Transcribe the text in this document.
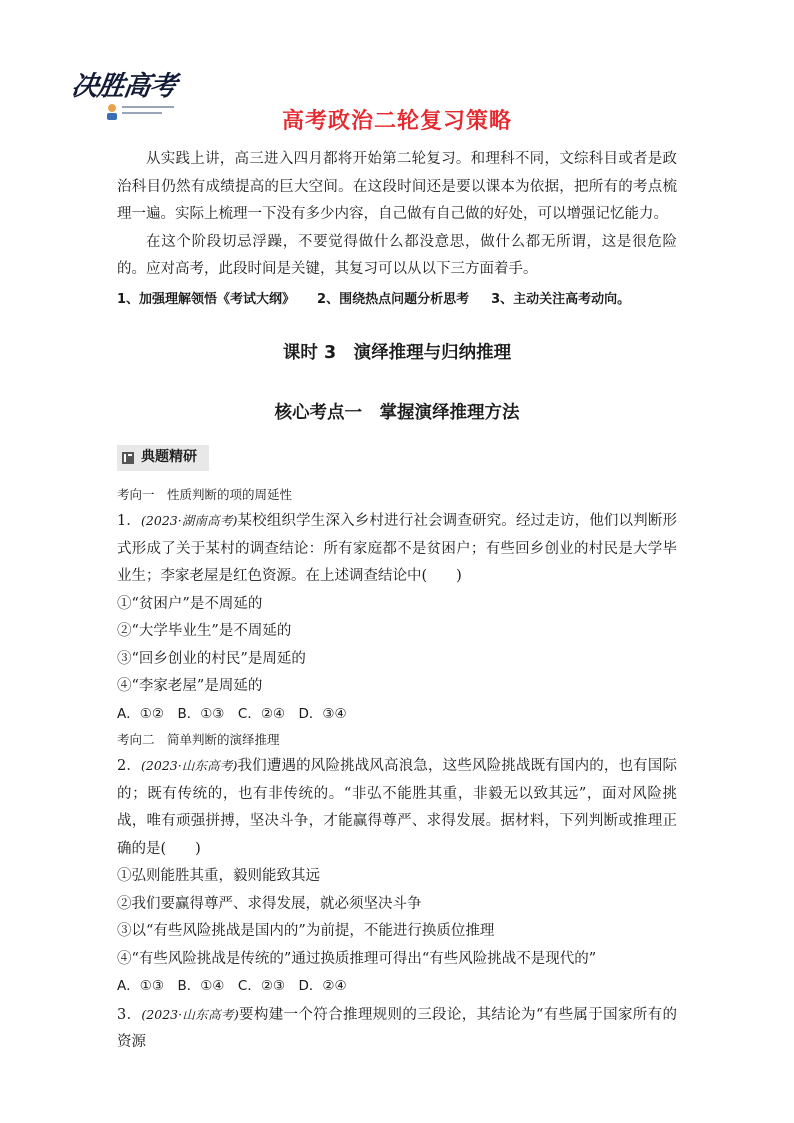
决胜高考
高考政治二轮复习策略

从实践上讲，高三进入四月都将开始第二轮复习。和理科不同，文综科目或者是政治科目仍然有成绩提高的巨大空间。在这段时间还是要以课本为依据，把所有的考点梳理一遍。实际上梳理一下没有多少内容，自己做有自己做的好处，可以增强记忆能力。

在这个阶段切忌浮躁，不要觉得做什么都没意思，做什么都无所谓，这是很危险的。应对高考，此段时间是关键，其复习可以从以下三方面着手。

1、加强理解领悟《考试大纲》 2、围绕热点问题分析思考 3、主动关注高考动向。

课时 3　演绎推理与归纳推理
核心考点一　掌握演绎推理方法
典题精研

考向一　性质判断的项的周延性

1．(2023·湖南高考)某校组织学生深入乡村进行社会调查研究。经过走访，他们以判断形式形成了关于某村的调查结论：所有家庭都不是贫困户；有些回乡创业的村民是大学毕业生；李家老屋是红色资源。在上述调查结论中(　　)

①“贫困户”是不周延的

②“大学毕业生”是不周延的

③“回乡创业的村民”是周延的

④“李家老屋”是周延的

A．①②　B．①③　C．②④　D．③④

考向二　简单判断的演绎推理

2．(2023·山东高考)我们遭遇的风险挑战风高浪急，这些风险挑战既有国内的，也有国际的；既有传统的，也有非传统的。“非弘不能胜其重，非毅无以致其远”，面对风险挑战，唯有顽强拼搏，坚决斗争，才能赢得尊严、求得发展。据材料，下列判断或推理正确的是(　　)

①弘则能胜其重，毅则能致其远

②我们要赢得尊严、求得发展，就必须坚决斗争

③以“有些风险挑战是国内的”为前提，不能进行换质位推理

④“有些风险挑战是传统的”通过换质推理可得出“有些风险挑战不是现代的”

A．①③　B．①④　C．②③　D．②④

3．(2023·山东高考)要构建一个符合推理规则的三段论，其结论为“有些属于国家所有的资源
